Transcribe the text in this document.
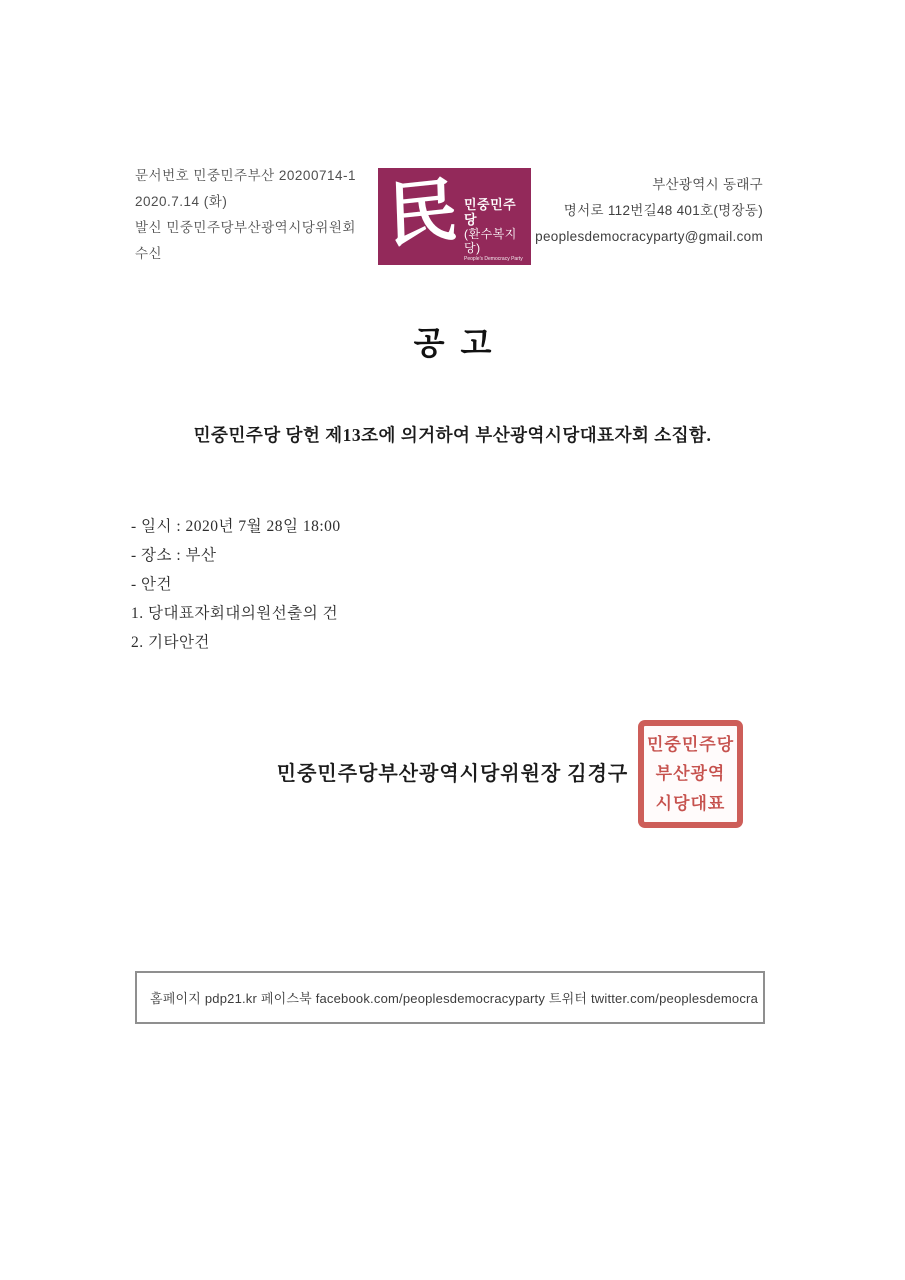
문서번호 민중민주부산 20200714-1
2020.7.14 (화)
발신 민중민주당부산광역시당위원회
수신	民 민중민주당
(환수복지당)
People's Democracy Party
부산광역시 동래구
명서로 112번길48 401호(명장동)
peoplesdemocracyparty@gmail.com
공  고
민중민주당 당헌 제13조에 의거하여 부산광역시당대표자회 소집함.
- 일시 : 2020년 7월 28일 18:00
- 장소 : 부산
- 안건
1. 당대표자회대의원선출의 건
2. 기타안건
민중민주당부산광역시당위원장 김경구
민중민주당
부산광역
시당대표
홈페이지 pdp21.kr 페이스북 facebook.com/peoplesdemocracyparty 트위터 twitter.com/peoplesdemocra
